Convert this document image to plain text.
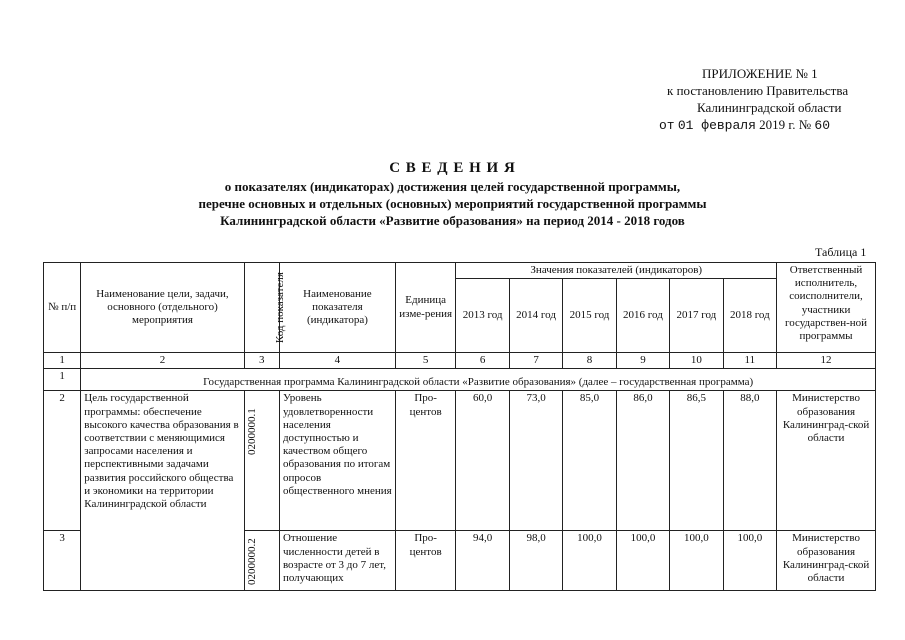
ПРИЛОЖЕНИЕ № 1
к постановлению Правительства
Калининградской области
от 01 февраля 2019 г. № 60
С В Е Д Е Н И Я
о показателях (индикаторах) достижения целей государственной программы,
перечне основных и отдельных (основных) мероприятий государственной программы
Калининградской области «Развитие образования» на период 2014 - 2018 годов
Таблица 1
№ п/п	Наименование цели, задачи, основного (отдельного) мероприятия	Код показателя	Наименование показателя (индикатора)	Единица изме-рения	Значения показателей (индикаторов)						Ответственный исполнитель, соисполнители, участники государствен-ной программы
					2013 год	2014 год	2015 год	2016 год	2017 год	2018 год	
1	2	3	4	5	6	7	8	9	10	11	12
1	Государственная программа Калининградской области «Развитие образования» (далее – государственная программа)										
2	Цель государственной программы: обеспечение высокого качества образования в соответствии с меняющимися запросами населения и перспективными задачами развития российского общества и экономики на территории Калининградской области	0200000.1	Уровень удовлетворенности населения доступностью и качеством общего образования по итогам опросов общественного мнения	Про-центов	60,0	73,0	85,0	86,0	86,5	88,0	Министерство образования Калининград-ской области
3		0200000.2	Отношение численности детей в возрасте от 3 до 7 лет, получающих	Про-центов	94,0	98,0	100,0	100,0	100,0	100,0	Министерство образования Калининград-ской области
